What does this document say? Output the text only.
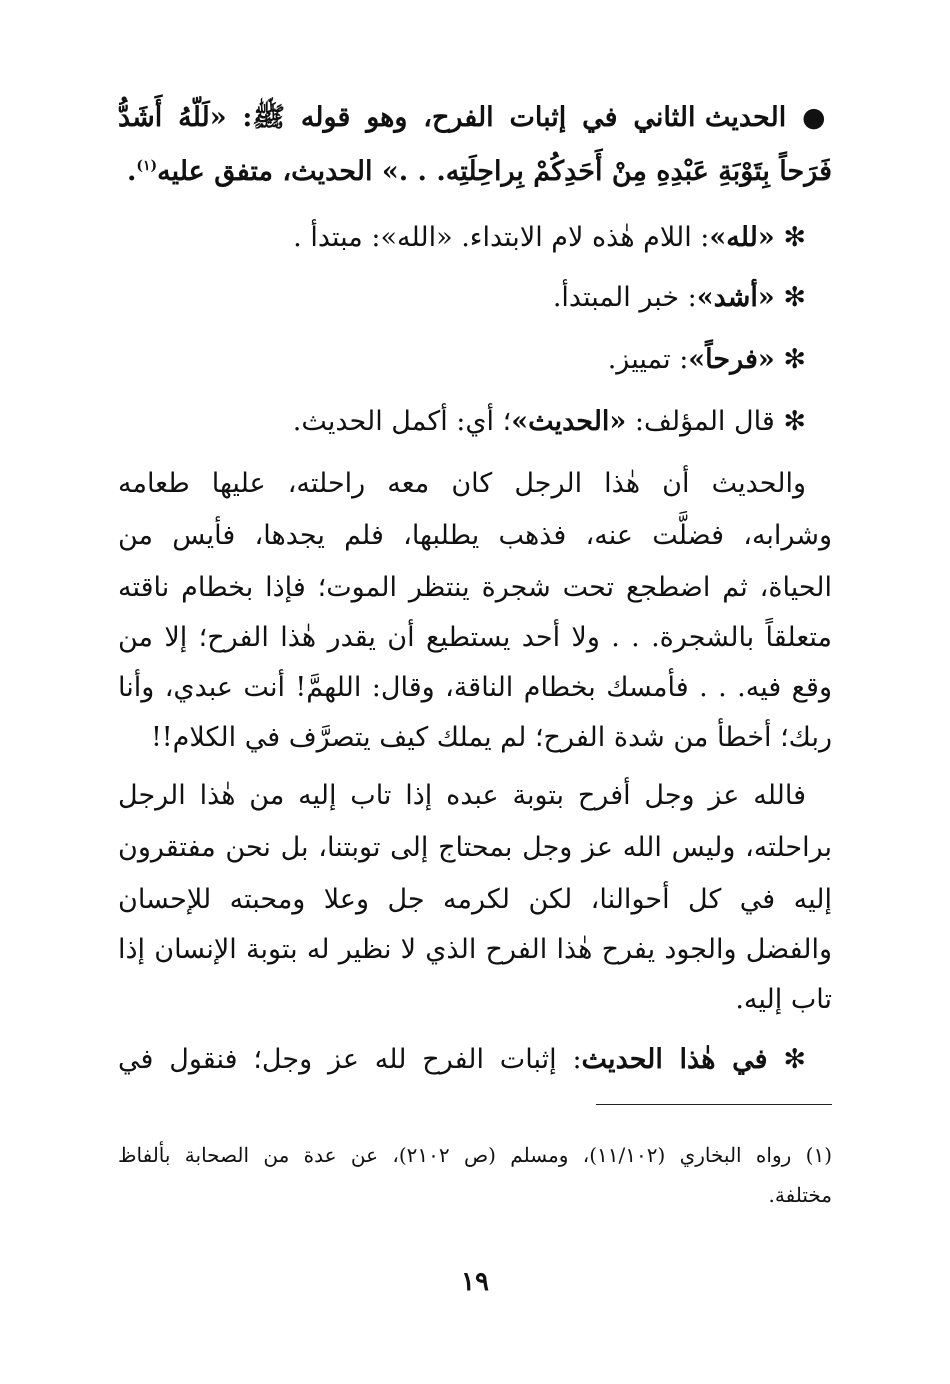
● الحديث الثاني في إثبات الفرح، وهو قوله ﷺ: «لَلّهُ أَشَدُّ
فَرَحاً بِتَوْبَةِ عَبْدِهِ مِنْ أَحَدِكُمْ بِراحِلَتِه. . .» الحديث، متفق عليه$^{(١)}$.
✻ «لله»: اللام هٰذه لام الابتداء. «الله»: مبتدأ .
✻ «أشد»: خبر المبتدأ.
✻ «فرحاً»: تمييز.
✻ قال المؤلف: «الحديث»؛ أي: أكمل الحديث.
والحديث أن هٰذا الرجل كان معه راحلته، عليها طعامه
وشرابه، فضلَّت عنه، فذهب يطلبها، فلم يجدها، فأيس من
الحياة، ثم اضطجع تحت شجرة ينتظر الموت؛ فإذا بخطام ناقته
متعلقاً بالشجرة. . . ولا أحد يستطيع أن يقدر هٰذا الفرح؛ إلا من
وقع فيه. . . فأمسك بخطام الناقة، وقال: اللهمَّ! أنت عبدي، وأنا
ربك؛ أخطأ من شدة الفرح؛ لم يملك كيف يتصرَّف في الكلام!!
فالله عز وجل أفرح بتوبة عبده إذا تاب إليه من هٰذا الرجل
براحلته، وليس الله عز وجل بمحتاج إلى توبتنا، بل نحن مفتقرون
إليه في كل أحوالنا، لكن لكرمه جل وعلا ومحبته للإحسان
والفضل والجود يفرح هٰذا الفرح الذي لا نظير له بتوبة الإنسان إذا
تاب إليه.
✻ في هٰذا الحديث: إثبات الفرح لله عز وجل؛ فنقول في
(١) رواه البخاري (١١/١٠٢)، ومسلم (ص ٢١٠٢)، عن عدة من الصحابة بألفاظ
مختلفة.
١٩
